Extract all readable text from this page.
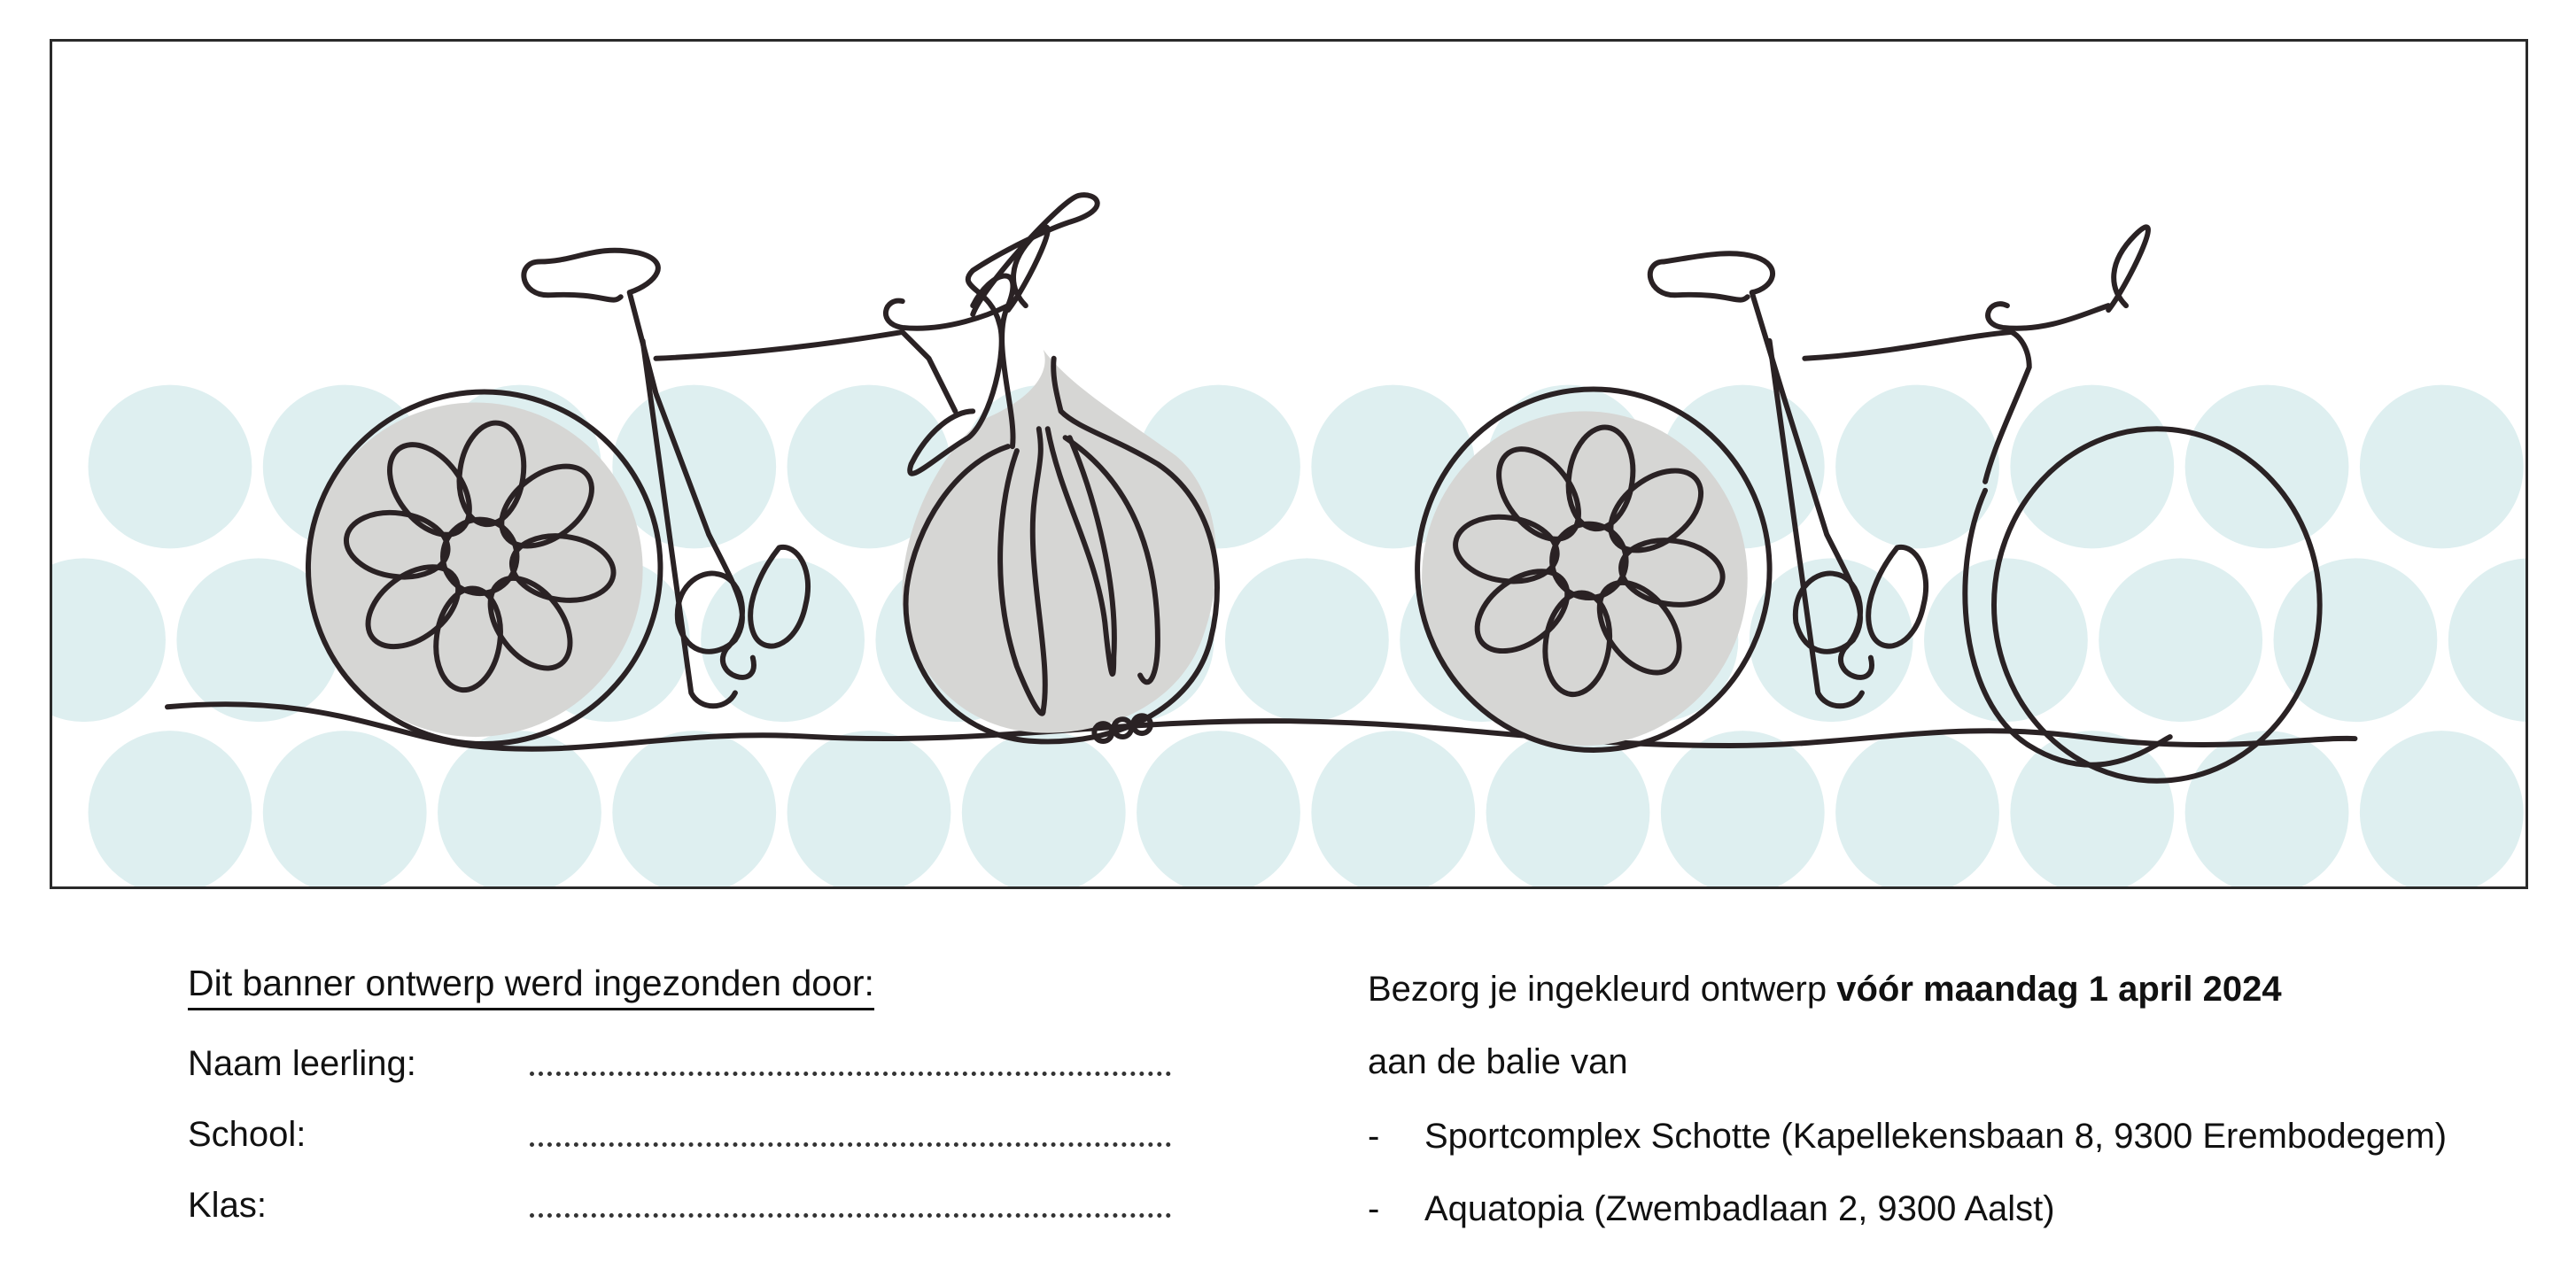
Dit banner ontwerp werd ingezonden door:
Naam leerling:
School:
Klas:
Bezorg je ingekleurd ontwerp vóór maandag 1 april 2024
aan de balie van
- Sportcomplex Schotte (Kapellekensbaan 8, 9300 Erembodegem)
- Aquatopia (Zwembadlaan 2, 9300 Aalst)
